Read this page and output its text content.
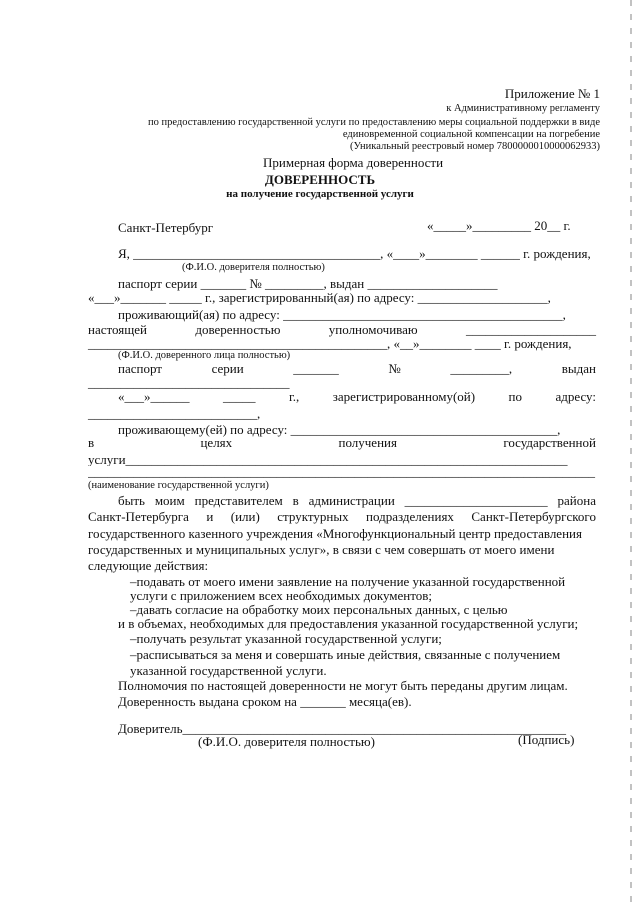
Приложение № 1
к Административному регламенту
по предоставлению государственной услуги по предоставлению меры социальной поддержки в виде
единовременной социальной компенсации на погребение
(Уникальный реестровый номер 7800000010000062933)
Примерная форма доверенности
ДОВЕРЕННОСТЬ
на получение государственной услуги
Санкт-Петербург	«_____»_________ 20__ г.
Я, ______________________________________, «____»________ ______ г. рождения,
(Ф.И.О. доверителя полностью)
паспорт серии _______ № _________, выдан ____________________
«___»_______ _____ г., зарегистрированный(ая) по адресу: ____________________,
проживающий(ая) по адресу: ___________________________________________,
настоящей	доверенностью	уполномочиваю	____________________
______________________________________________, «__»________ ____ г. рождения,
(Ф.И.О. доверенного лица полностью)
паспорт	серии	_______	№	_________,	выдан
_______________________________
«___»______	_____	г.,	зарегистрированному(ой)	по	адресу:
__________________________,
проживающему(ей) по адресу: _________________________________________,
в	целях	получения	государственной
услуги____________________________________________________________________
______________________________________________________________________________
(наименование государственной услуги)
быть моим представителем в администрации ______________________ района
Санкт-Петербурга и (или) структурных подразделениях Санкт-Петербургского
государственного казенного учреждения «Многофункциональный центр предоставления
государственных и муниципальных услуг», в связи с чем совершать от моего имени
следующие действия:
–подавать от моего имени заявление на получение указанной государственной
услуги с приложением всех необходимых документов;
–давать согласие на обработку моих персональных данных, с целью
и в объемах, необходимых для предоставления указанной государственной услуги;
–получать результат указанной государственной услуги;
–расписываться за меня и совершать иные действия, связанные с получением
указанной государственной услуги.
Полномочия по настоящей доверенности не могут быть переданы другим лицам.
Доверенность выдана сроком на _______ месяца(ев).
Доверитель___________________________________________________________
(Ф.И.О. доверителя полностью)	(Подпись)
